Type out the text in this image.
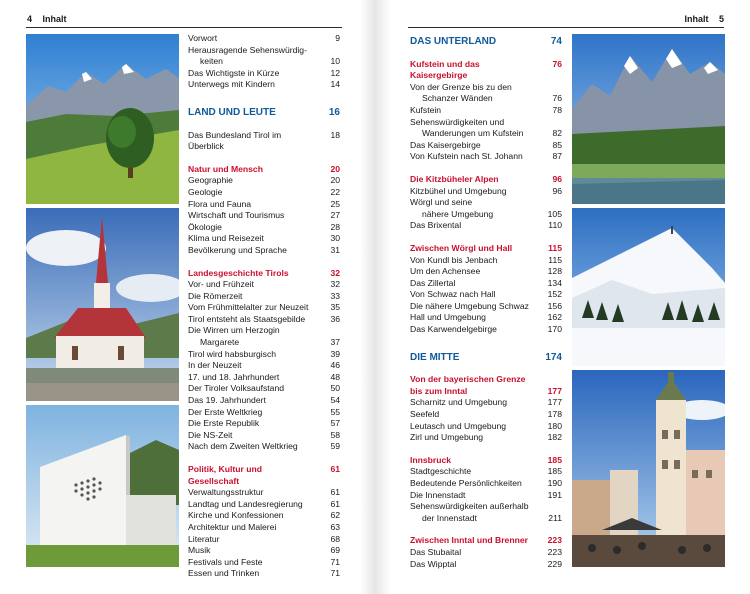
4 Inhalt	Inhalt 5
Vorwort	9
Herausragende Sehenswürdig-
keiten	10
Das Wichtigste in Kürze	12
Unterwegs mit Kindern	14
LAND UND LEUTE	16
Das Bundesland Tirol im Überblick
18
Natur und Mensch	20
Geographie	20
Geologie	22
Flora und Fauna	25
Wirtschaft und Tourismus	27
Ökologie	28
Klima und Reisezeit	30
Bevölkerung und Sprache	31
Landesgeschichte Tirols	32
Vor- und Frühzeit	32
Die Römerzeit	33
Vom Frühmittelalter zur Neuzeit	35
Tirol entsteht als Staatsgebilde	36
Die Wirren um Herzogin
Margarete	37
Tirol wird habsburgisch	39
In der Neuzeit	46
17. und 18. Jahrhundert	48
Der Tiroler Volksaufstand	50
Das 19. Jahrhundert	54
Der Erste Weltkrieg	55
Die Erste Republik	57
Die NS-Zeit	58
Nach dem Zweiten Weltkrieg	59
Politik, Kultur und Gesellschaft
61
Verwaltungsstruktur	61
Landtag und Landesregierung	61
Kirche und Konfessionen	62
Architektur und Malerei	63
Literatur	68
Musik	69
Festivals und Feste	71
Essen und Trinken	71
DAS UNTERLAND	74
Kufstein und das Kaisergebirge
76
Von der Grenze bis zu den
Schanzer Wänden	76
Kufstein	78
Sehenswürdigkeiten und
Wanderungen um Kufstein	82
Das Kaisergebirge	85
Von Kufstein nach St. Johann	87
Die Kitzbüheler Alpen	96
Kitzbühel und Umgebung	96
Wörgl und seine
nähere Umgebung	105
Das Brixental	110
Zwischen Wörgl und Hall	115
Von Kundl bis Jenbach	115
Um den Achensee	128
Das Zillertal	134
Von Schwaz nach Hall	152
Die nähere Umgebung Schwaz	156
Hall und Umgebung	162
Das Karwendelgebirge	170
DIE MITTE	174
Von der bayerischen Grenze
bis zum Inntal	177
Scharnitz und Umgebung	177
Seefeld	178
Leutasch und Umgebung	180
Zirl und Umgebung	182
Innsbruck	185
Stadtgeschichte	185
Bedeutende Persönlichkeiten	190
Die Innenstadt	191
Sehenswürdigkeiten außerhalb
der Innenstadt	211
Zwischen Inntal und Brenner	223
Das Stubaital	223
Das Wipptal	229
